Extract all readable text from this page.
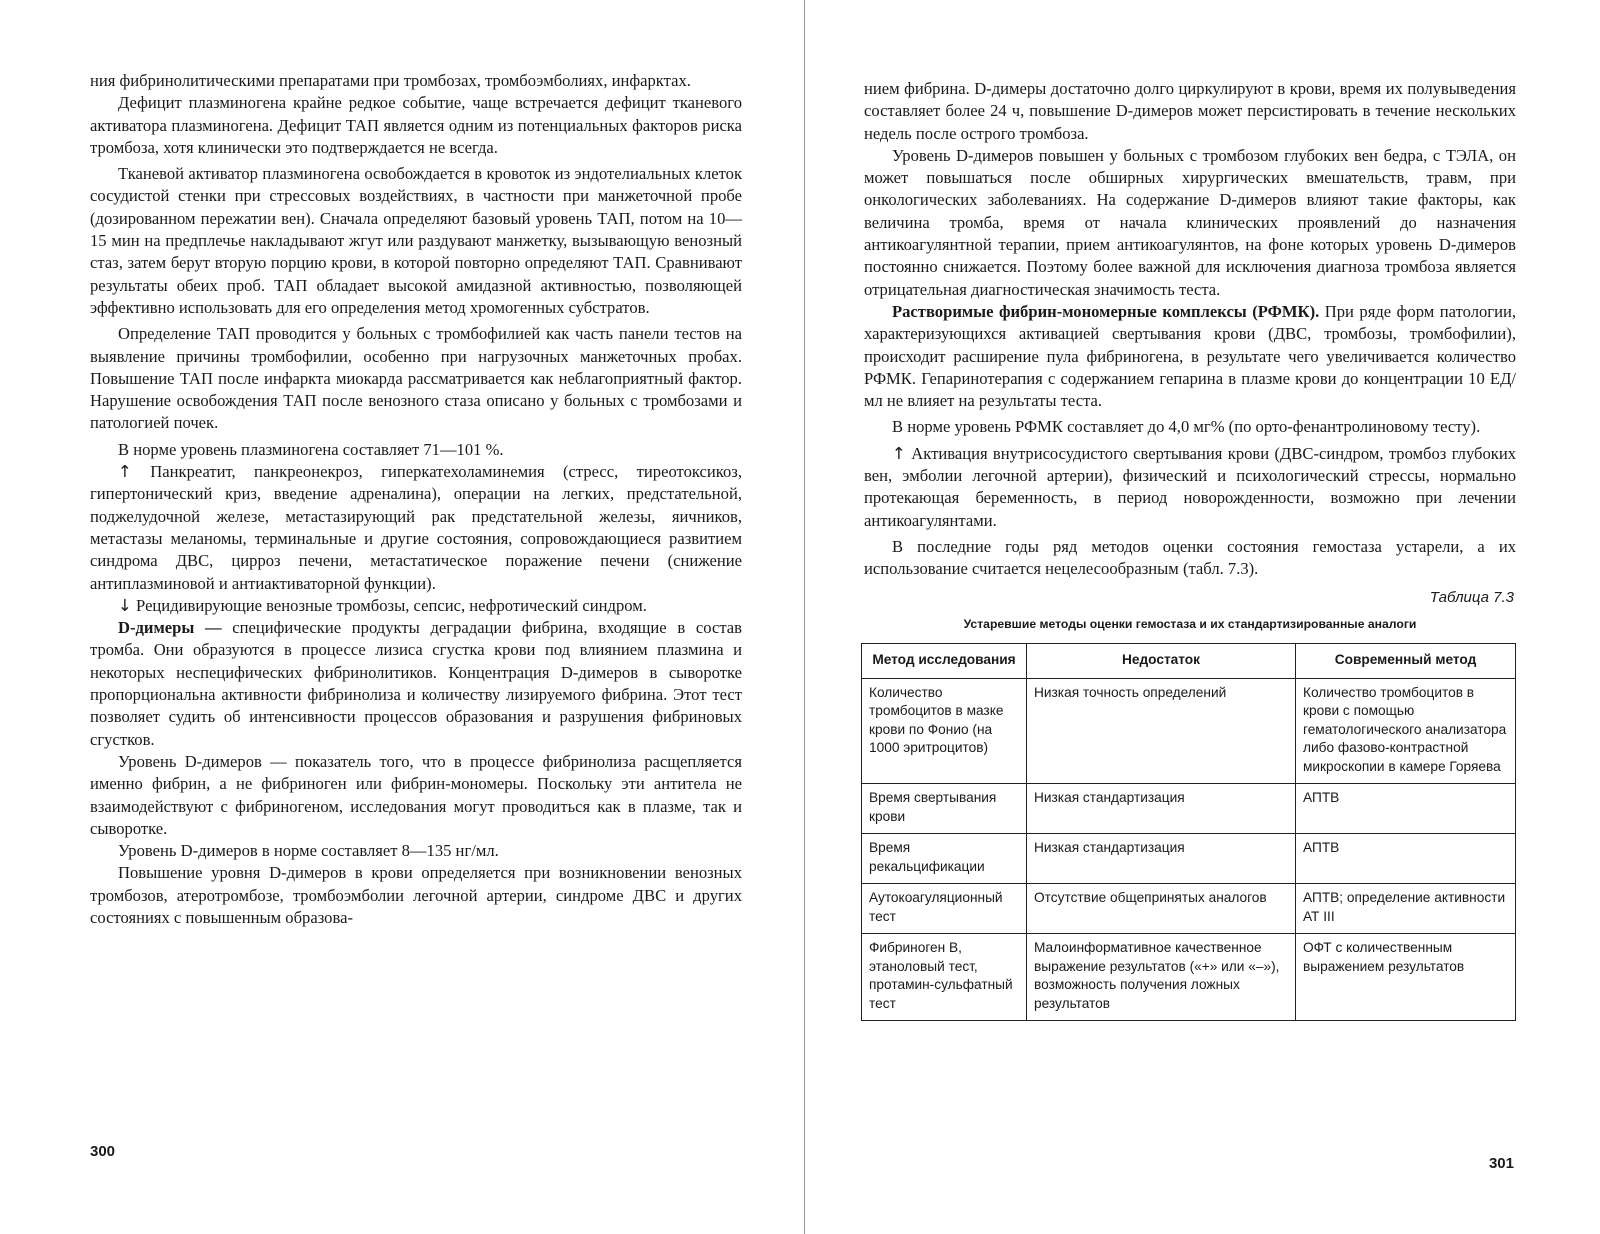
ния фибринолитическими препаратами при тромбозах, тромбоэмболиях, инфарктах.

Дефицит плазминогена крайне редкое событие, чаще встречается дефицит тканевого активатора плазминогена. Дефицит ТАП является одним из потенциальных факторов риска тромбоза, хотя клинически это подтверждается не всегда.

Тканевой активатор плазминогена освобождается в кровоток из эндотелиальных клеток сосудистой стенки при стрессовых воздействиях, в частности при манжеточной пробе (дозированном пережатии вен). Сначала определяют базовый уровень ТАП, потом на 10—15 мин на предплечье накладывают жгут или раздувают манжетку, вызывающую венозный стаз, затем берут вторую порцию крови, в которой повторно определяют ТАП. Сравнивают результаты обеих проб. ТАП обладает высокой амидазной активностью, позволяющей эффективно использовать для его определения метод хромогенных субстратов.

Определение ТАП проводится у больных с тромбофилией как часть панели тестов на выявление причины тромбофилии, особенно при нагрузочных манжеточных пробах. Повышение ТАП после инфаркта миокарда рассматривается как неблагоприятный фактор. Нарушение освобождения ТАП после венозного стаза описано у больных с тромбозами и патологией почек.

В норме уровень плазминогена составляет 71—101 %.

↑ Панкреатит, панкреонекроз, гиперкатехоламинемия (стресс, тиреотоксикоз, гипертонический криз, введение адреналина), операции на легких, предстательной, поджелудочной железе, метастазирующий рак предстательной железы, яичников, метастазы меланомы, терминальные и другие состояния, сопровождающиеся развитием синдрома ДВС, цирроз печени, метастатическое поражение печени (снижение антиплазминовой и антиактиваторной функции).

↓ Рецидивирующие венозные тромбозы, сепсис, нефротический синдром.

D-димеры — специфические продукты деградации фибрина, входящие в состав тромба. Они образуются в процессе лизиса сгустка крови под влиянием плазмина и некоторых неспецифических фибринолитиков. Концентрация D-димеров в сыворотке пропорциональна активности фибринолиза и количеству лизируемого фибрина. Этот тест позволяет судить об интенсивности процессов образования и разрушения фибриновых сгустков.

Уровень D-димеров — показатель того, что в процессе фибринолиза расщепляется именно фибрин, а не фибриноген или фибрин-мономеры. Поскольку эти антитела не взаимодействуют с фибриногеном, исследования могут проводиться как в плазме, так и сыворотке.

Уровень D-димеров в норме составляет 8—135 нг/мл.

Повышение уровня D-димеров в крови определяется при возникновении венозных тромбозов, атеротромбозе, тромбоэмболии легочной артерии, синдроме ДВС и других состояниях с повышенным образова-

300

нием фибрина. D-димеры достаточно долго циркулируют в крови, время их полувыведения составляет более 24 ч, повышение D-димеров может персистировать в течение нескольких недель после острого тромбоза.

Уровень D-димеров повышен у больных с тромбозом глубоких вен бедра, с ТЭЛА, он может повышаться после обширных хирургических вмешательств, травм, при онкологических заболеваниях. На содержание D-димеров влияют такие факторы, как величина тромба, время от начала клинических проявлений до назначения антикоагулянтной терапии, прием антикоагулянтов, на фоне которых уровень D-димеров постоянно снижается. Поэтому более важной для исключения диагноза тромбоза является отрицательная диагностическая значимость теста.

Растворимые фибрин-мономерные комплексы (РФМК). При ряде форм патологии, характеризующихся активацией свертывания крови (ДВС, тромбозы, тромбофилии), происходит расширение пула фибриногена, в результате чего увеличивается количество РФМК. Гепаринотерапия с содержанием гепарина в плазме крови до концентрации 10 ЕД/мл не влияет на результаты теста.

В норме уровень РФМК составляет до 4,0 мг% (по орто-фенантролиновому тесту).

↑ Активация внутрисосудистого свертывания крови (ДВС-синдром, тромбоз глубоких вен, эмболии легочной артерии), физический и психологический стрессы, нормально протекающая беременность, в период новорожденности, возможно при лечении антикоагулянтами.

В последние годы ряд методов оценки состояния гемостаза устарели, а их использование считается нецелесообразным (табл. 7.3).

Таблица 7.3
Устаревшие методы оценки гемостаза и их стандартизированные аналоги
Метод исследования	Недостаток	Современный метод
Количество тромбоцитов в мазке крови по Фонио (на 1000 эритроцитов)	Низкая точность определений	Количество тромбоцитов в крови с помощью гематологического анализатора либо фазово-контрастной микроскопии в камере Горяева
Время свертывания крови	Низкая стандартизация	АПТВ
Время рекальцификации	Низкая стандартизация	АПТВ
Аутокоагуляционный тест	Отсутствие общепринятых аналогов	АПТВ; определение активности АТ III
Фибриноген В, этаноловый тест, протамин-сульфатный тест	Малоинформативное качественное выражение результатов («+» или «–»), возможность получения ложных результатов	ОФТ с количественным выражением результатов
301
